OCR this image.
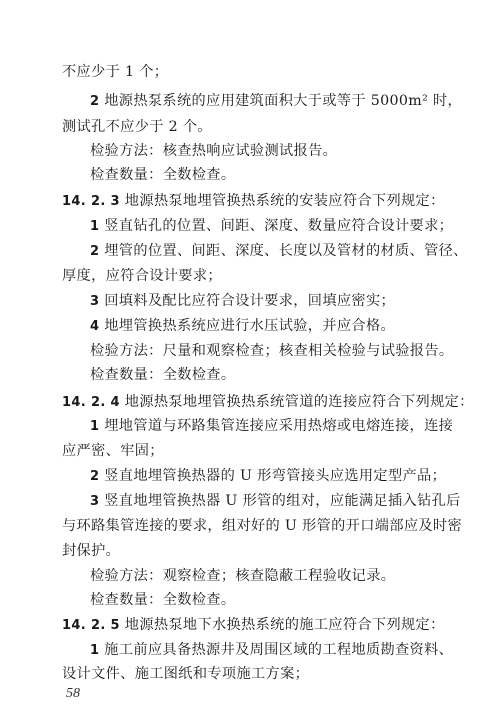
不应少于 1 个；
2 地源热泵系统的应用建筑面积大于或等于 5000m² 时，
测试孔不应少于 2 个。
检验方法：核查热响应试验测试报告。
检查数量：全数检查。
14. 2. 3 地源热泵地埋管换热系统的安装应符合下列规定：
1 竖直钻孔的位置、间距、深度、数量应符合设计要求；
2 埋管的位置、间距、深度、长度以及管材的材质、管径、
厚度，应符合设计要求；
3 回填料及配比应符合设计要求，回填应密实；
4 地埋管换热系统应进行水压试验，并应合格。
检验方法：尺量和观察检查；核查相关检验与试验报告。
检查数量：全数检查。
14. 2. 4 地源热泵地埋管换热系统管道的连接应符合下列规定：
1 埋地管道与环路集管连接应采用热熔或电熔连接，连接
应严密、牢固；
2 竖直地埋管换热器的 U 形弯管接头应选用定型产品；
3 竖直地埋管换热器 U 形管的组对，应能满足插入钻孔后
与环路集管连接的要求，组对好的 U 形管的开口端部应及时密
封保护。
检验方法：观察检查；核查隐蔽工程验收记录。
检查数量：全数检查。
14. 2. 5 地源热泵地下水换热系统的施工应符合下列规定：
1 施工前应具备热源井及周围区域的工程地质勘查资料、
设计文件、施工图纸和专项施工方案；
58
